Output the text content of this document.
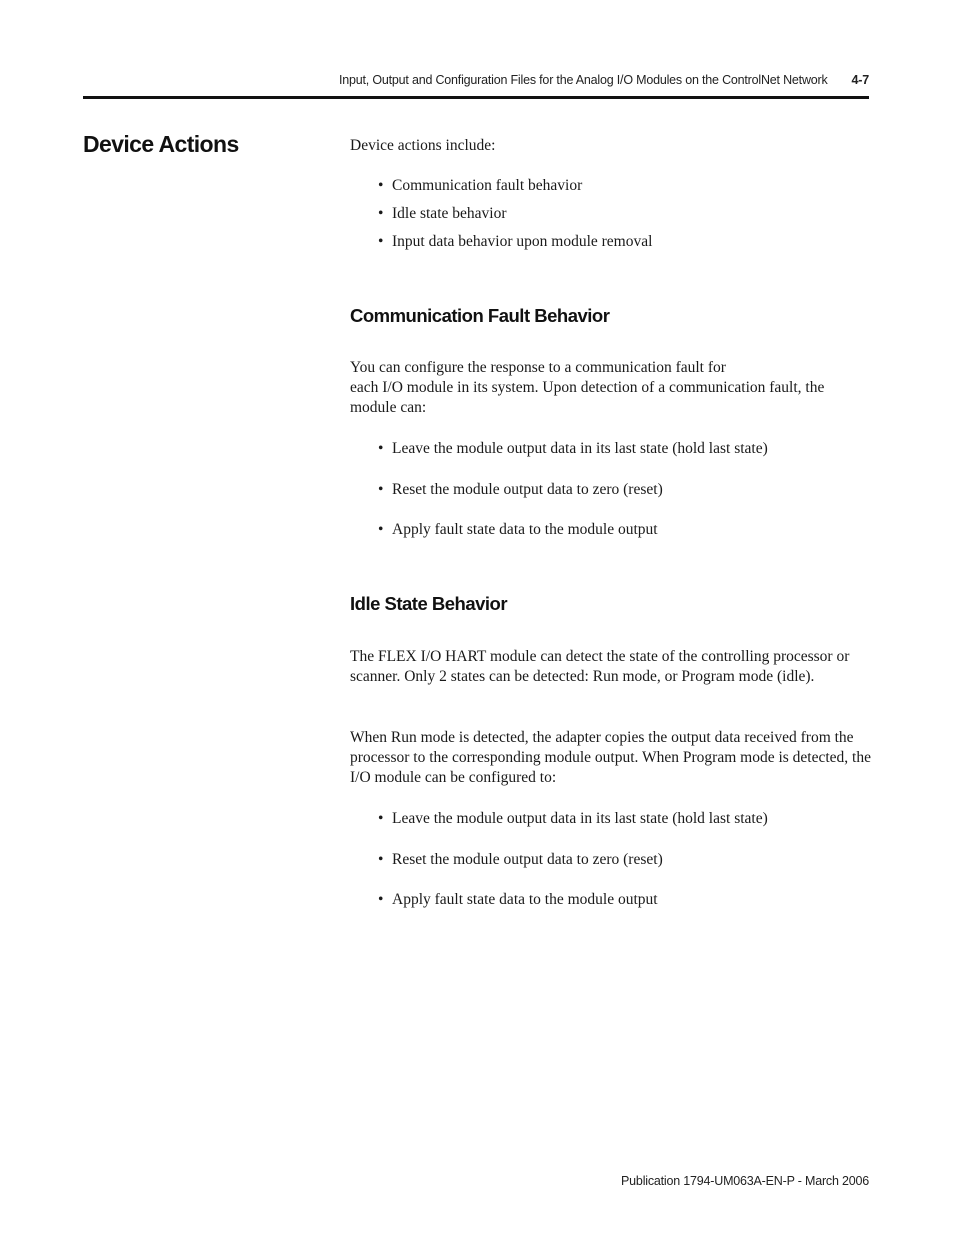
Input, Output and Configuration Files for the Analog I/O Modules on the ControlNet Network 4-7
Device Actions	Device actions include:
• Communication fault behavior
• Idle state behavior
• Input data behavior upon module removal
Communication Fault Behavior
You can configure the response to a communication fault for
each I/O module in its system. Upon detection of a communication fault, the module can:
• Leave the module output data in its last state (hold last state)
• Reset the module output data to zero (reset)
• Apply fault state data to the module output
Idle State Behavior
The FLEX I/O HART module can detect the state of the controlling processor or scanner. Only 2 states can be detected: Run mode, or Program mode (idle).
When Run mode is detected, the adapter copies the output data received from the processor to the corresponding module output. When Program mode is detected, the I/O module can be configured to:
• Leave the module output data in its last state (hold last state)
• Reset the module output data to zero (reset)
• Apply fault state data to the module output
Publication 1794-UM063A-EN-P - March 2006
